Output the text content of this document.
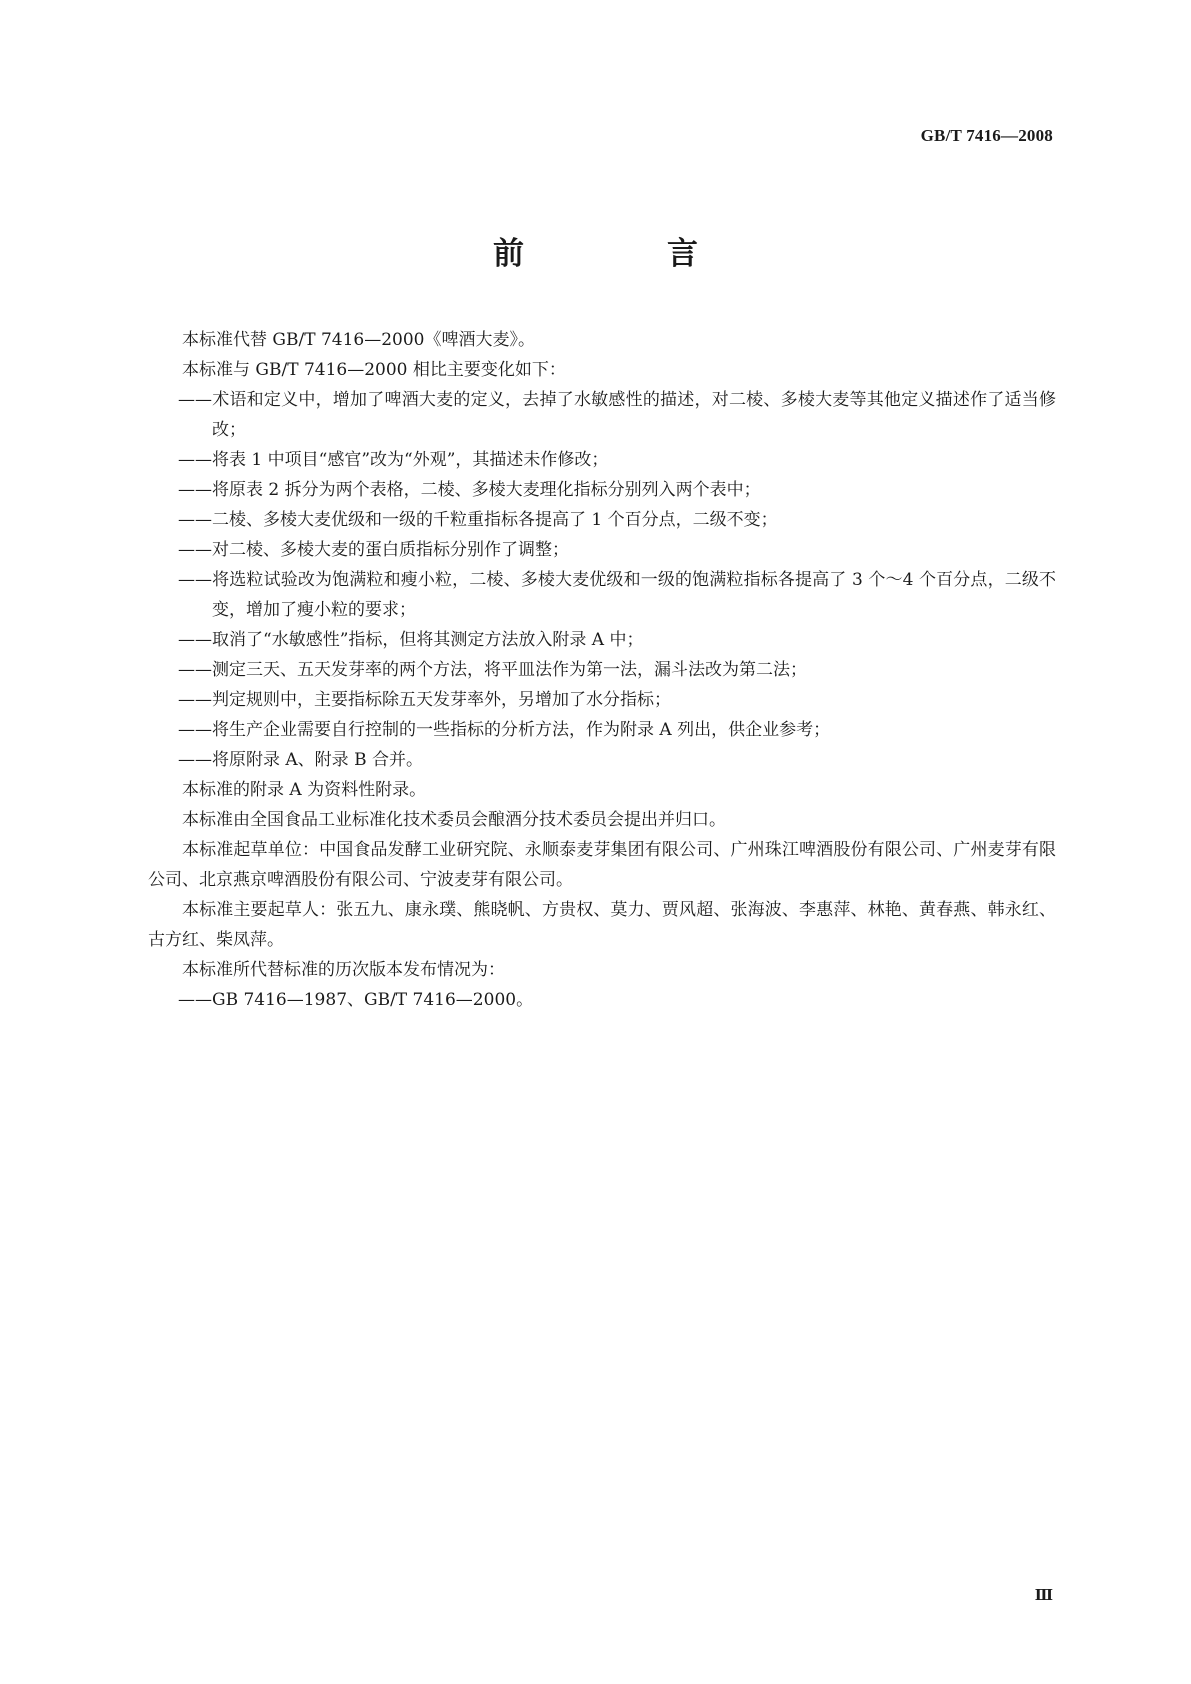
GB/T 7416—2008
前　言

本标准代替 GB/T 7416—2000《啤酒大麦》。

本标准与 GB/T 7416—2000 相比主要变化如下：

——术语和定义中，增加了啤酒大麦的定义，去掉了水敏感性的描述，对二棱、多棱大麦等其他定义描述作了适当修改；

——将表 1 中项目“感官”改为“外观”，其描述未作修改；

——将原表 2 拆分为两个表格，二棱、多棱大麦理化指标分别列入两个表中；

——二棱、多棱大麦优级和一级的千粒重指标各提高了 1 个百分点，二级不变；

——对二棱、多棱大麦的蛋白质指标分别作了调整；

——将选粒试验改为饱满粒和瘦小粒，二棱、多棱大麦优级和一级的饱满粒指标各提高了 3 个～4 个百分点，二级不变，增加了瘦小粒的要求；

——取消了“水敏感性”指标，但将其测定方法放入附录 A 中；

——测定三天、五天发芽率的两个方法，将平皿法作为第一法，漏斗法改为第二法；

——判定规则中，主要指标除五天发芽率外，另增加了水分指标；

——将生产企业需要自行控制的一些指标的分析方法，作为附录 A 列出，供企业参考；

——将原附录 A、附录 B 合并。

本标准的附录 A 为资料性附录。

本标准由全国食品工业标准化技术委员会酿酒分技术委员会提出并归口。

本标准起草单位：中国食品发酵工业研究院、永顺泰麦芽集团有限公司、广州珠江啤酒股份有限公司、广州麦芽有限公司、北京燕京啤酒股份有限公司、宁波麦芽有限公司。

本标准主要起草人：张五九、康永璞、熊晓帆、方贵权、莫力、贾风超、张海波、李惠萍、林艳、黄春燕、韩永红、古方红、柴凤萍。

本标准所代替标准的历次版本发布情况为：

——GB 7416—1987、GB/T 7416—2000。

Ⅲ
